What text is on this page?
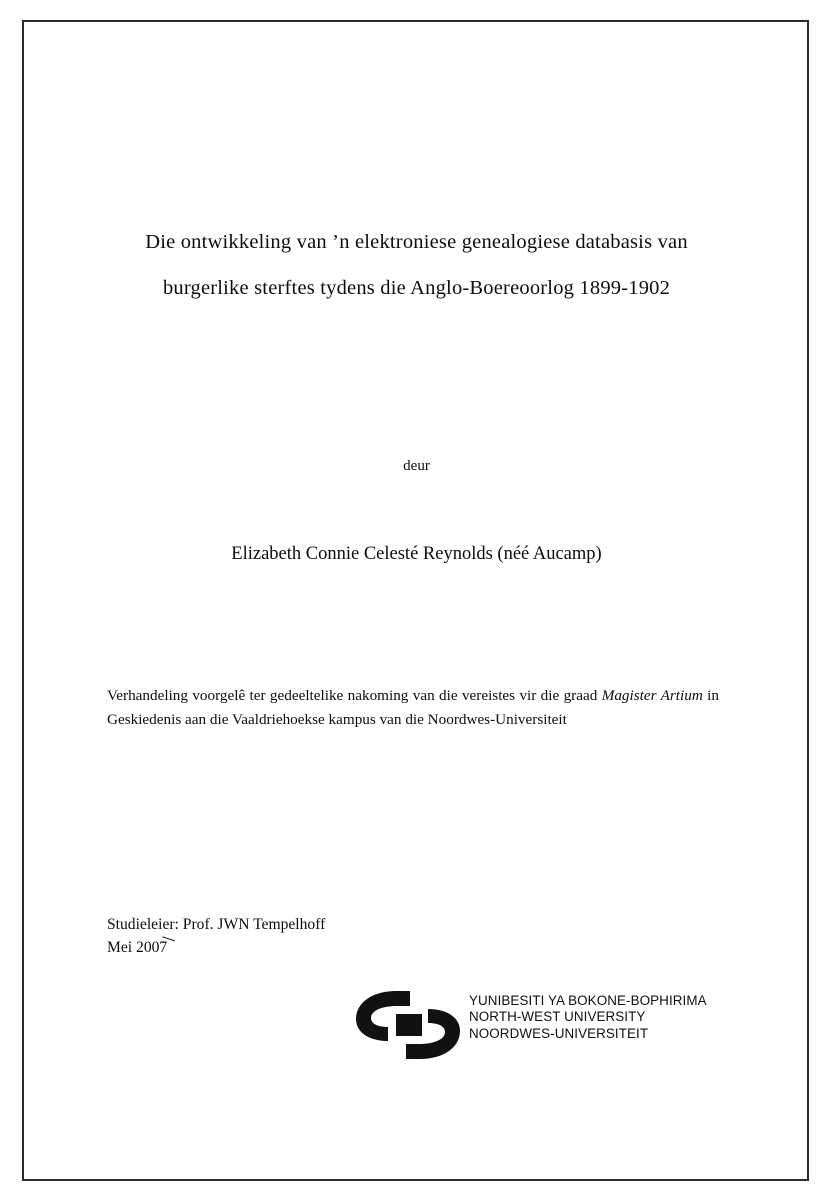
Die ontwikkeling van ’n elektroniese genealogiese databasis van
burgerlike sterftes tydens die Anglo-Boereoorlog 1899-1902
deur
Elizabeth Connie Celesté Reynolds (néé Aucamp)
Verhandeling voorgelê ter gedeeltelike nakoming van die vereistes vir die graad Magister Artium in Geskiedenis aan die Vaaldriehoekse kampus van die Noordwes-Universiteit
Studieleier: Prof. JWN Tempelhoff
Mei 2007
YUNIBESITI YA BOKONE-BOPHIRIMA
NORTH-WEST UNIVERSITY
NOORDWES-UNIVERSITEIT
